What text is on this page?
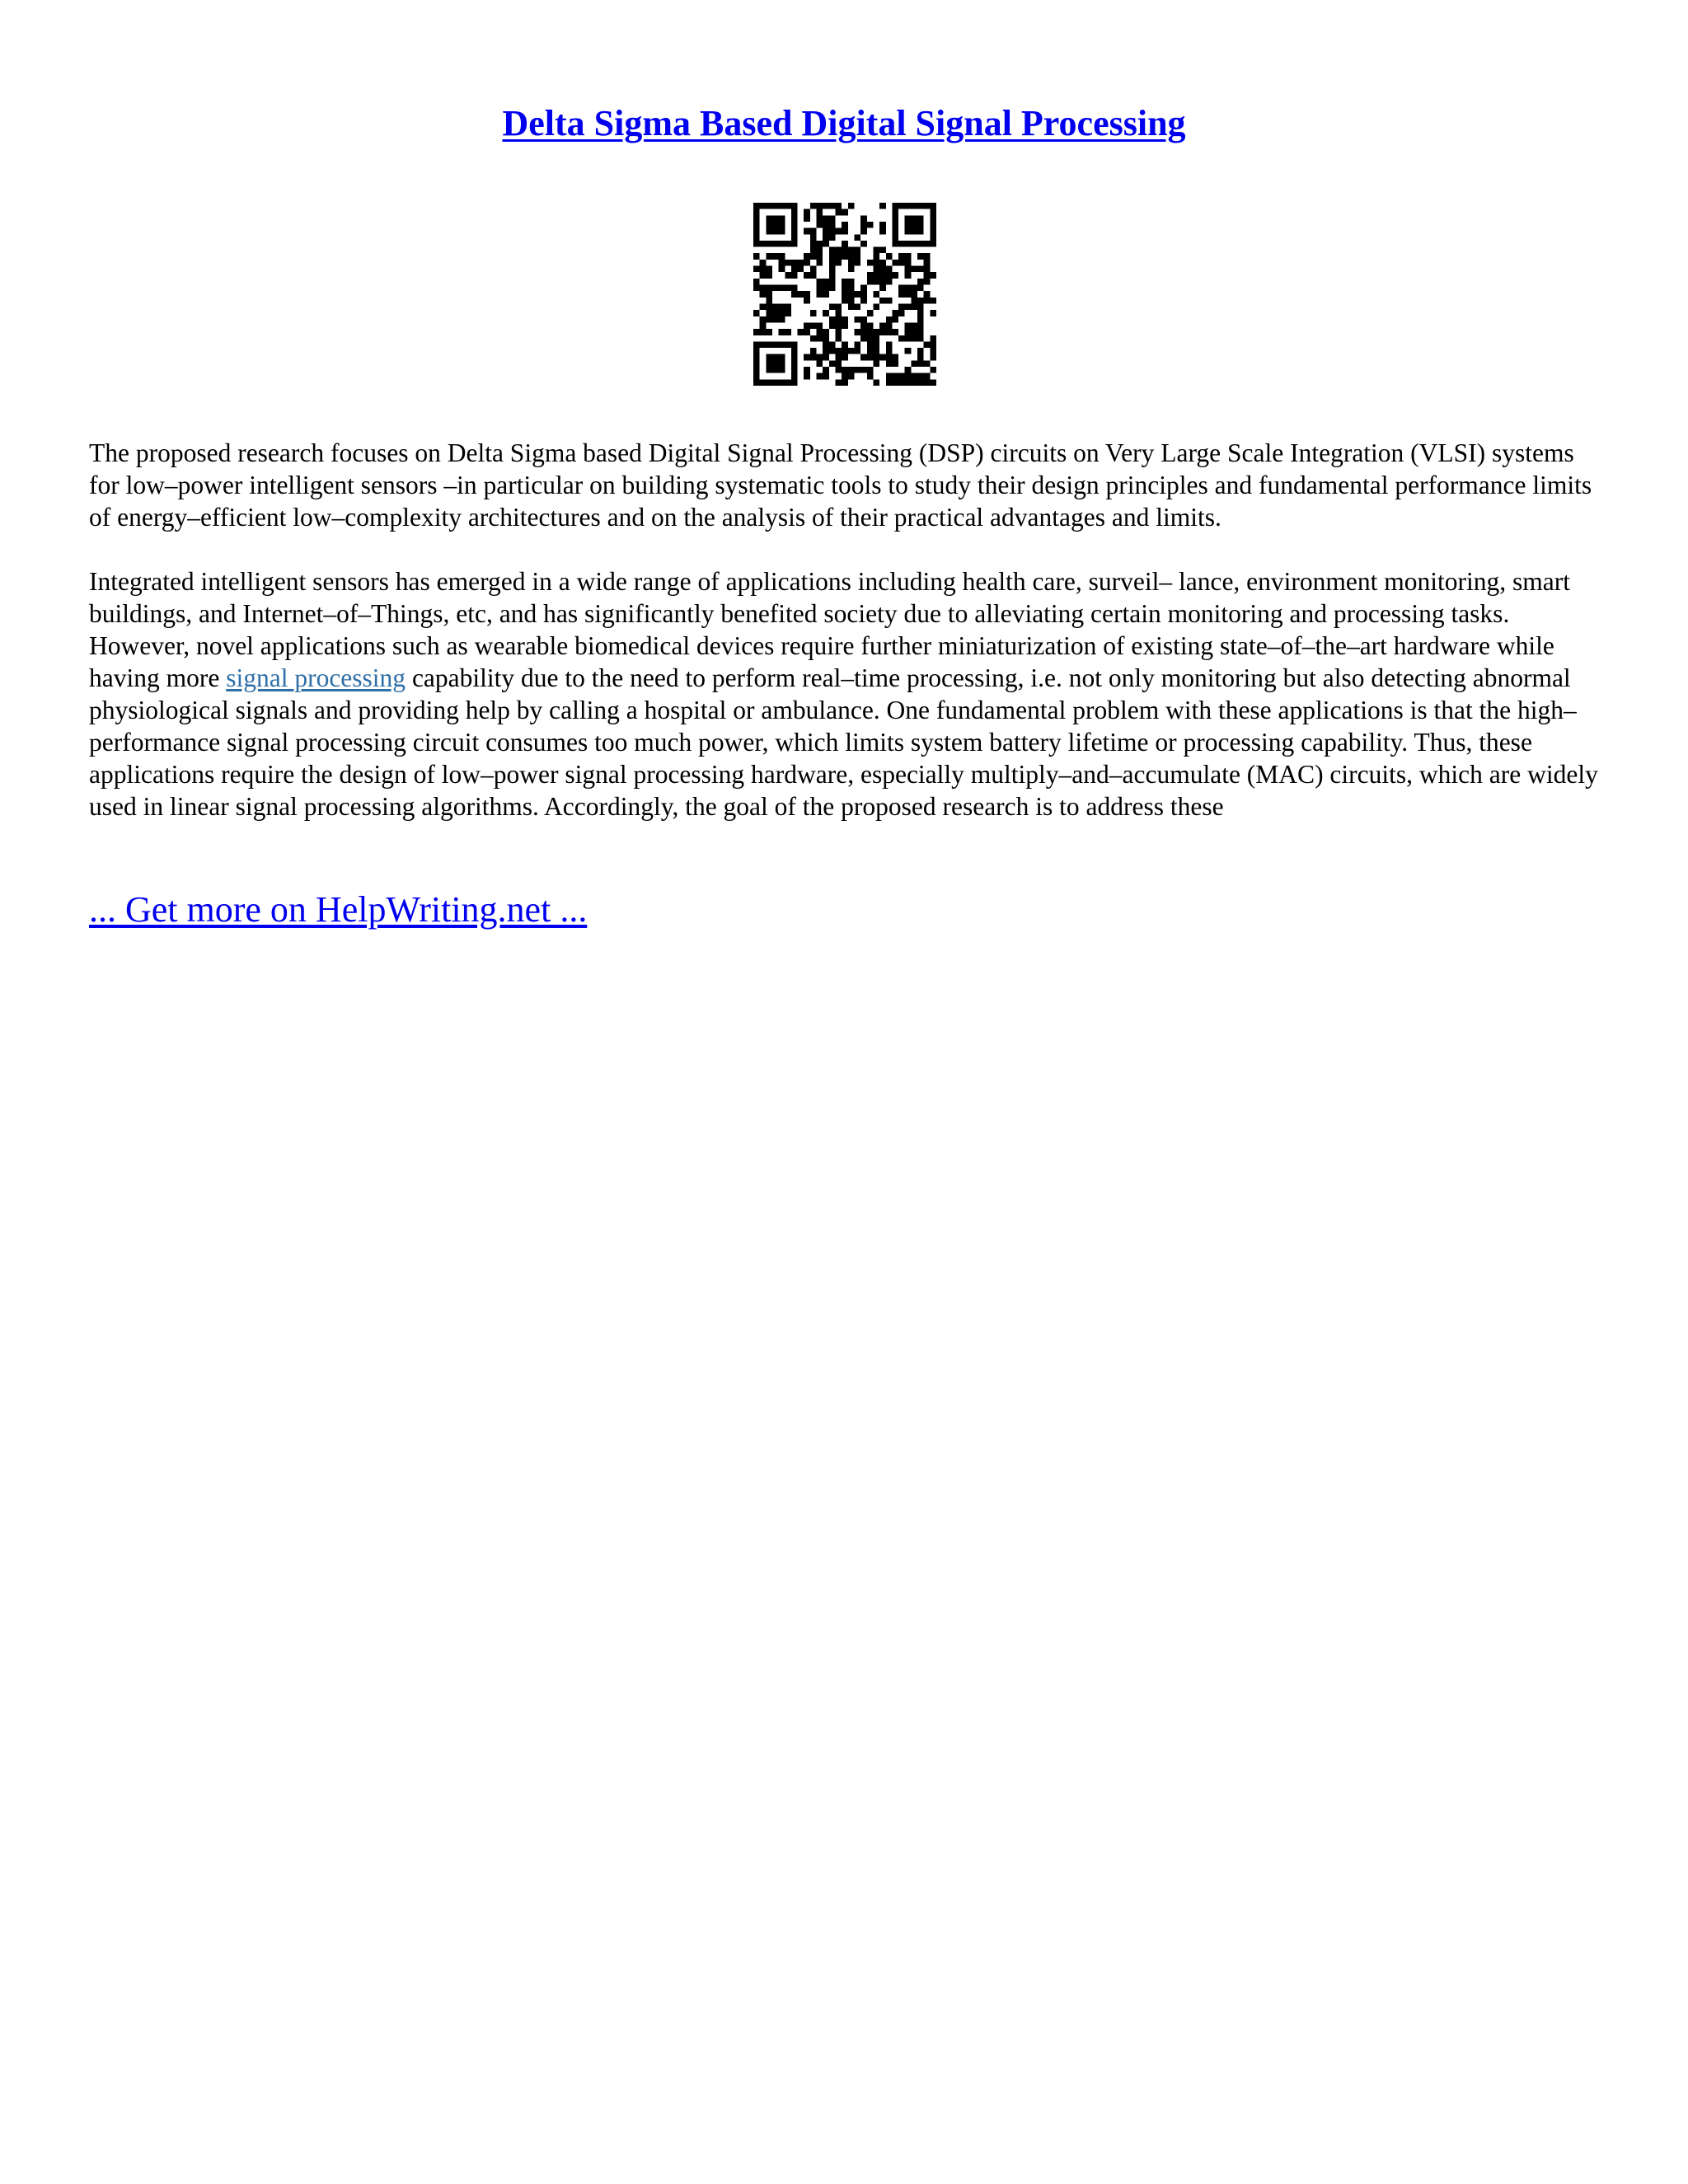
Delta Sigma Based Digital Signal Processing

The proposed research focuses on Delta Sigma based Digital Signal Processing (DSP) circuits on Very Large Scale Integration (VLSI) systems for low–power intelligent sensors –in particular on building systematic tools to study their design principles and fundamental performance limits of energy–efficient low–complexity architectures and on the analysis of their practical advantages and limits.

Integrated intelligent sensors has emerged in a wide range of applications including health care, surveil– lance, environment monitoring, smart buildings, and Internet–of–Things, etc, and has significantly benefited society due to alleviating certain monitoring and processing tasks. However, novel applications such as wearable biomedical devices require further miniaturization of existing state–of–the–art hardware while having more signal processing capability due to the need to perform real–time processing, i.e. not only monitoring but also detecting abnormal physiological signals and providing help by calling a hospital or ambulance. One fundamental problem with these applications is that the high–performance signal processing circuit consumes too much power, which limits system battery lifetime or processing capability. Thus, these applications require the design of low–power signal processing hardware, especially multiply–and–accumulate (MAC) circuits, which are widely used in linear signal processing algorithms. Accordingly, the goal of the proposed research is to address these

... Get more on HelpWriting.net ...
